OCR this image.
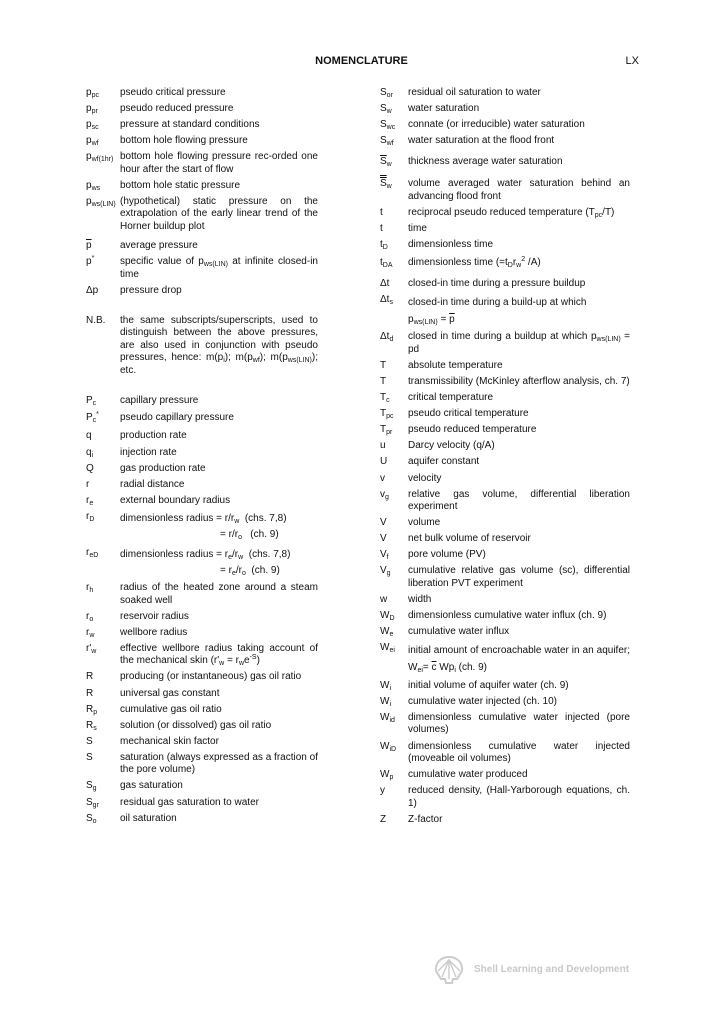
NOMENCLATURE	LX
$p_{pc}$	pseudo critical pressure
$p_{pr}$	pseudo reduced pressure
$p_{sc}$	pressure at standard conditions
$p_{wf}$	bottom hole flowing pressure
$p_{wf(1hr)}$ bottom hole flowing pressure rec-orded one hour after the start of flow
$p_{ws}$	bottom hole static pressure
$p_{ws(LIN)}$ (hypothetical) static pressure on the extrapolation of the early linear trend of the Horner buildup plot
$\overline{p}$	average pressure
p*	specific value of $p_{ws(LIN)}$ at infinite closed-in time
Δp	pressure drop
N.B.	the same subscripts/superscripts, used to distinguish between the above pressures, are also used in conjunction with pseudo pressures, hence: $m(p_i)$; $m(p_{wf})$; $m(p_{ws(LIN)})$; etc.
$P_c$	capillary pressure
$P_c^*$	pseudo capillary pressure
q	production rate
$q_i$	injection rate
Q	gas production rate
r	radial distance
$r_e$	external boundary radius
$r_D$	dimensionless radius = $r/r_w$  (chs. 7,8)
= $r/r_o$   (ch. 9)
$r_{eD}$	dimensionless radius = $r_e/r_w$  (chs. 7,8)
= $r_e/r_o$  (ch. 9)
$r_h$	radius of the heated zone around a steam soaked well
$r_o$	reservoir radius
$r_w$	wellbore radius
$r'_w$	effective wellbore radius taking account of the mechanical skin $(r'_w = r_we^{-S})$
R	producing (or instantaneous) gas oil ratio
R	universal gas constant
$R_p$	cumulative gas oil ratio
$R_s$	solution (or dissolved) gas oil ratio
S	mechanical skin factor
S	saturation (always expressed as a fraction of the pore volume)
$S_g$	gas saturation
$S_{gr}$	residual gas saturation to water
$S_o$	oil saturation
$S_{or}$	residual oil saturation to water
$S_w$	water saturation
$S_{wc}$	connate (or irreducible) water saturation
$S_{wf}$	water saturation at the flood front
$\overline{S}_w$	thickness average water saturation
$S_w$	volume averaged water saturation behind an advancing flood front
t	reciprocal pseudo reduced temperature $(T_{pc}/T)$
t	time
$t_D$	dimensionless time
$t_{DA}$	dimensionless time ($=t_Dr_w^2$ /A)
Δt	closed-in time during a pressure buildup
$\Delta t_s$	closed-in time during a build-up at which
$p_{ws(LIN)} = \overline{p}$
$\Delta t_d$	closed in time during a buildup at which $p_{ws(LIN)}$ = pd
T	absolute temperature
T	transmissibility (McKinley afterflow analysis, ch. 7)
$T_c$	critical temperature
$T_{pc}$	pseudo critical temperature
$T_{pr}$	pseudo reduced temperature
u	Darcy velocity (q/A)
U	aquifer constant
v	velocity
$v_g$	relative gas volume, differential liberation experiment
V	volume
V	net bulk volume of reservoir
$V_f$	pore volume (PV)
$V_g$	cumulative relative gas volume (sc), differential liberation PVT experiment
w	width
$W_D$	dimensionless cumulative water influx (ch. 9)
$W_e$	cumulative water influx
$W_{ei}$	initial amount of encroachable water in an aquifer; $W_{ei}= \overline{c}$ $Wp_i$ (ch. 9)
$W_i$	initial volume of aquifer water (ch. 9)
$W_i$	cumulative water injected (ch. 10)
$W_{id}$	dimensionless cumulative water injected (pore volumes)
$W_{iD}$	dimensionless cumulative water injected (moveable oil volumes)
$W_p$	cumulative water produced
y	reduced density, (Hall-Yarborough equations, ch. 1)
Z	Z-factor
Shell Learning and Development
